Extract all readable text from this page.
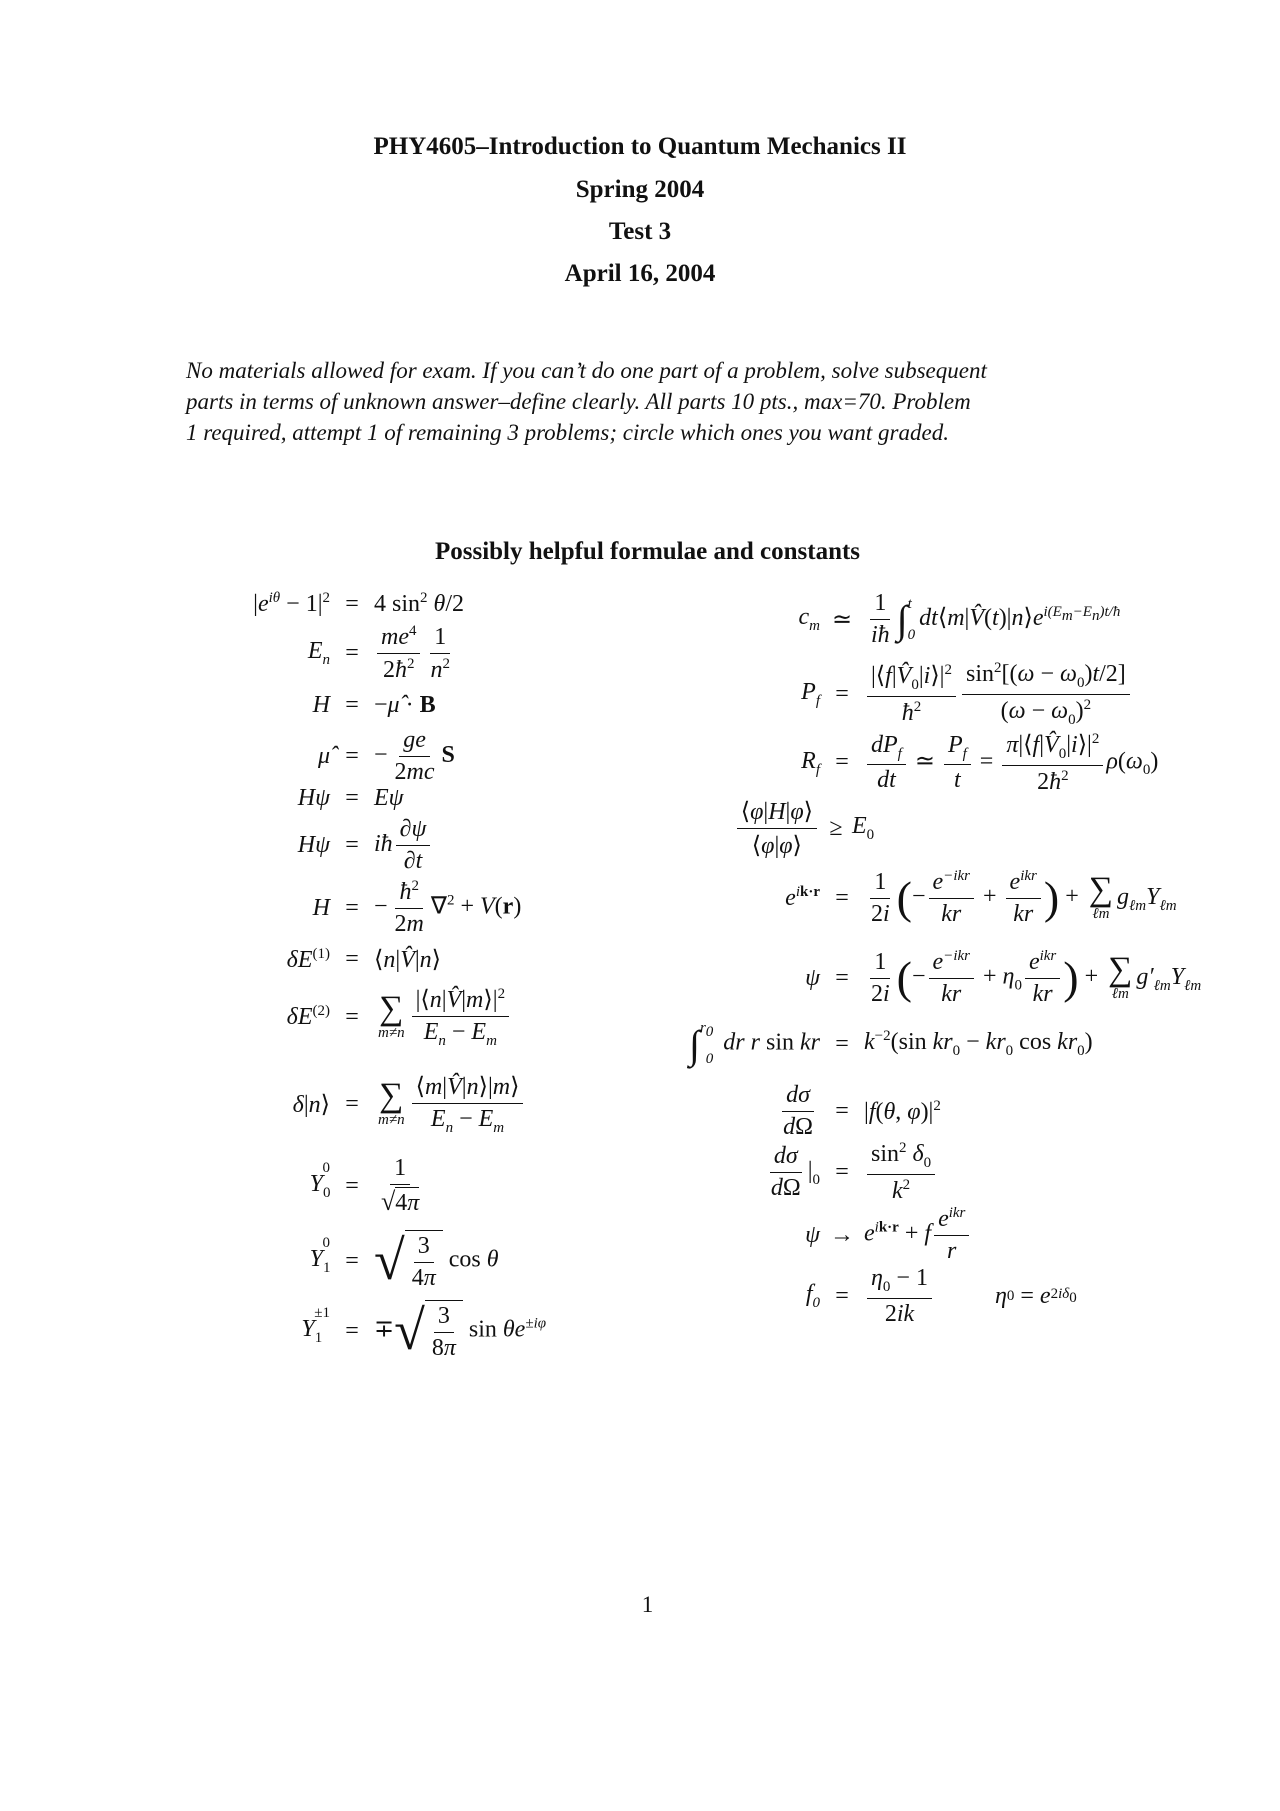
PHY4605–Introduction to Quantum Mechanics II
Spring 2004
Test 3
April 16, 2004
No materials allowed for exam. If you can’t do one part of a problem, solve subsequent
parts in terms of unknown answer–define clearly. All parts 10 pts., max=70. Problem
1 required, attempt 1 of remaining 3 problems; circle which ones you want graded.
Possibly helpful formulae and constants
$|e^{i\theta} - 1|^2 = 4$ $\sin^2 \theta/2$
$E_n = \frac{me^4}{2ħ^2} \frac{1}{n^2}$
H = −μ̂ · B
μ̂ = − $\frac{ge}{2mc}$ S
Hψ = Eψ
Hψ = iħ $\frac{\partial\psi}{\partial t}$
H = − $\frac{ħ^2}{2m} \nabla^2 + V(r)$
$\delta E^{(1)}$ = ⟨n|V̂|n⟩
$\delta E^{(2)}$ = ∑
$m\ne n \frac{|⟨n|V̂|m⟩|^2}{E_n - E_m}$
δ|n⟩ = ∑
$m\ne n \frac{⟨m|V̂|n⟩|m⟩}{E_n - E_m}$
$Y_0^0$
= $\frac{1}{√ 4\pi}$
$Y_1^0$
= √ $\frac{3}{4\pi}$ cos θ
$Y_1^{\pm 1}$
= ∓ √ $\frac{3}{8\pi}$ $\sin \theta e^{\pm i\varphi}$
$c_m$ ≃ $\frac{1}{iħ}$ ∫ t
0
$dt⟨m|V̂(t)|n⟩e^{i(E_m-E_n)t/ħ}$
$P_f = \frac{|⟨f|V̂_0|i⟩|^2}{ħ^2} \frac{\sin^2[(\omega - \omega_0)t/2]}{(\omega - \omega_0)^2}$
$R_f = \frac{dP_f}{dt}$ ≃ $\frac{P_f}{t} = \frac{\pi|⟨f|V̂_0|i⟩|^2}{2ħ^2} \rho(\omega_0)$
$\frac{⟨\varphi|H|\varphi⟩}{⟨\varphi|\varphi⟩} \ge E_0$
$e^{ik\cdot r} = \frac{1}{2i}$ (− $\frac{e^{-ikr}}{kr} + \frac{e^{ikr}}{kr}$ ) + ∑
ℓm
$g_{\ell m}Y_{\ell m}$
$\psi = \frac{1}{2i}$ (− $\frac{e^{-ikr}}{kr} + \eta_0 \frac{e^{ikr}}{kr}$ ) + ∑
ℓm
$g'_{\ell m}Y_{\ell m}$
∫ $r_0$
0
dr r sin kr = $k^{-2}(\sin$ $kr_0 - kr_0$ $\cos kr_0$)
$\frac{d\sigma}{d\Omega} = |f(\theta$, $\varphi)|^2$
$\frac{d\sigma}{d\Omega} |_0 = \frac{\sin^2 \delta_0}{k^2}$
$\psi \to e^{ik\cdot r} + f \frac{e^{ikr}}{r}$
$f_0 = \frac{\eta_0 - 1}{2ik}$	η 0 = e $2i\delta_0$
1
